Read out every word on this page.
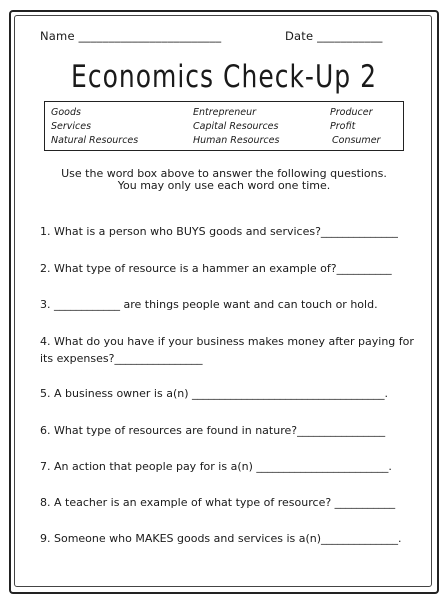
Name ________________________	Date ___________
Economics Check-Up 2
Goods
Services
Natural Resources
Entrepreneur
Capital Resources
Human Resources
Producer
Profit
Consumer
Use the word box above to answer the following questions.
You may only use each word one time.
1. What is a person who BUYS goods and services?______________
2. What type of resource is a hammer an example of?__________
3. ____________ are things people want and can touch or hold.
4. What do you have if your business makes money after paying for
its expenses?________________
5. A business owner is a(n) ___________________________________.
6. What type of resources are found in nature?________________
7. An action that people pay for is a(n) ________________________.
8. A teacher is an example of what type of resource? ___________
9. Someone who MAKES goods and services is a(n)______________.
